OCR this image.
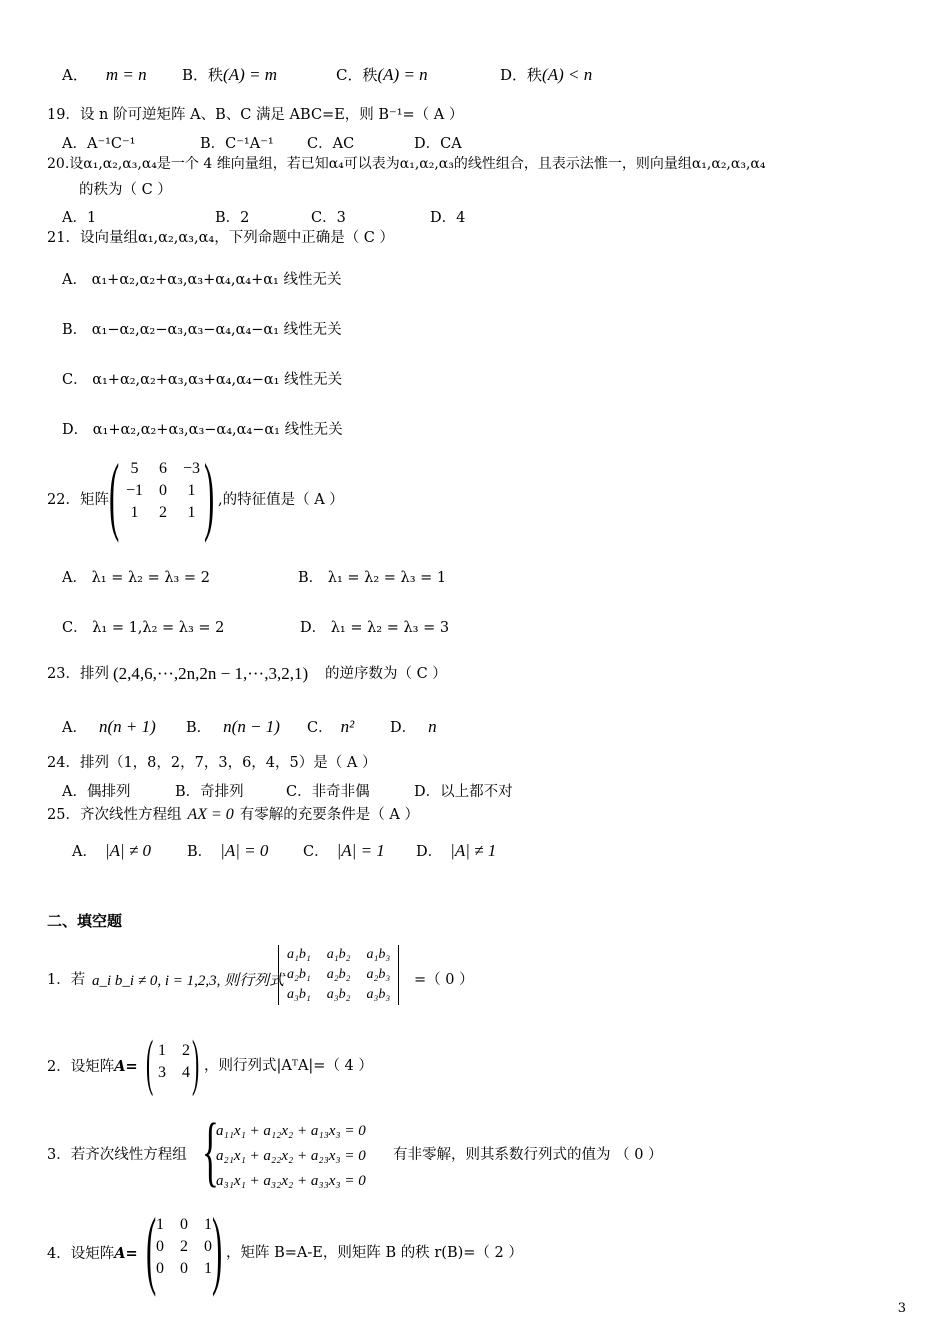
A． m = n B．秩(A) = m	C．秩(A) = n	D．秩(A) < n
19．设 n 阶可逆矩阵 A、B、C 满足 ABC=E，则 B⁻¹=（ A ）
A．A⁻¹C⁻¹	B．C⁻¹A⁻¹ C．AC	D．CA
20.设α₁,α₂,α₃,α₄是一个 4 维向量组，若已知α₄可以表为α₁,α₂,α₃的线性组合，且表示法惟一，则向量组α₁,α₂,α₃,α₄
的秩为（ C ）
A．1	B．2	C．3	D．4
21．设向量组α₁,α₂,α₃,α₄，下列命题中正确是（ C ）
A． α₁+α₂,α₂+α₃,α₃+α₄,α₄+α₁ 线性无关
B． α₁−α₂,α₂−α₃,α₃−α₄,α₄−α₁ 线性无关
C． α₁+α₂,α₂+α₃,α₃+α₄,α₄−α₁ 线性无关
D． α₁+α₂,α₂+α₃,α₃−α₄,α₄−α₁ 线性无关
22．矩阵 ( 5	6	−3
−1	0	1
1	2	1 ) ,的特征值是（ A ）
A． λ₁ = λ₂ = λ₃ = 2	B． λ₁ = λ₂ = λ₃ = 1
C． λ₁ = 1,λ₂ = λ₃ = 2	D． λ₁ = λ₂ = λ₃ = 3
23．排列 (2,4,6,···,2n,2n − 1,···,3,2,1) 的逆序数为（ C ）
A． n(n + 1) B． n(n − 1) C． n² D． n
24．排列（1，8，2，7，3，6，4，5）是（ A ）
A．偶排列	B．奇排列	C．非奇非偶	D．以上都不对
25．齐次线性方程组 AX = 0 有零解的充要条件是（ A ）
A． |A| ≠ 0 B． |A| = 0 C． |A| = 1 D． |A| ≠ 1
二、填空题
1．若 a_i b_i ≠ 0, i = 1,2,3, 则行列式
a₁b₁	a₁b₂	a₁b₃
a₂b₁	a₂b₂	a₂b₃
a₃b₁	a₃b₂	a₃b₃
=（ 0 ）
2．设矩阵A= ( 1	2
3	4 ) ，则行列式|AᵀA|=（ 4 ）
3．若齐次线性方程组 {
a₁₁x₁ + a₁₂x₂ + a₁₃x₃ = 0
a₂₁x₁ + a₂₂x₂ + a₂₃x₃ = 0
a₃₁x₁ + a₃₂x₂ + a₃₃x₃ = 0
有非零解，则其系数行列式的值为 （ 0 ）
4．设矩阵A= ( 1	0	1
0	2	0
0	0	1 ) ，矩阵 B=A-E，则矩阵 B 的秩 r(B)=（ 2 ）
3
